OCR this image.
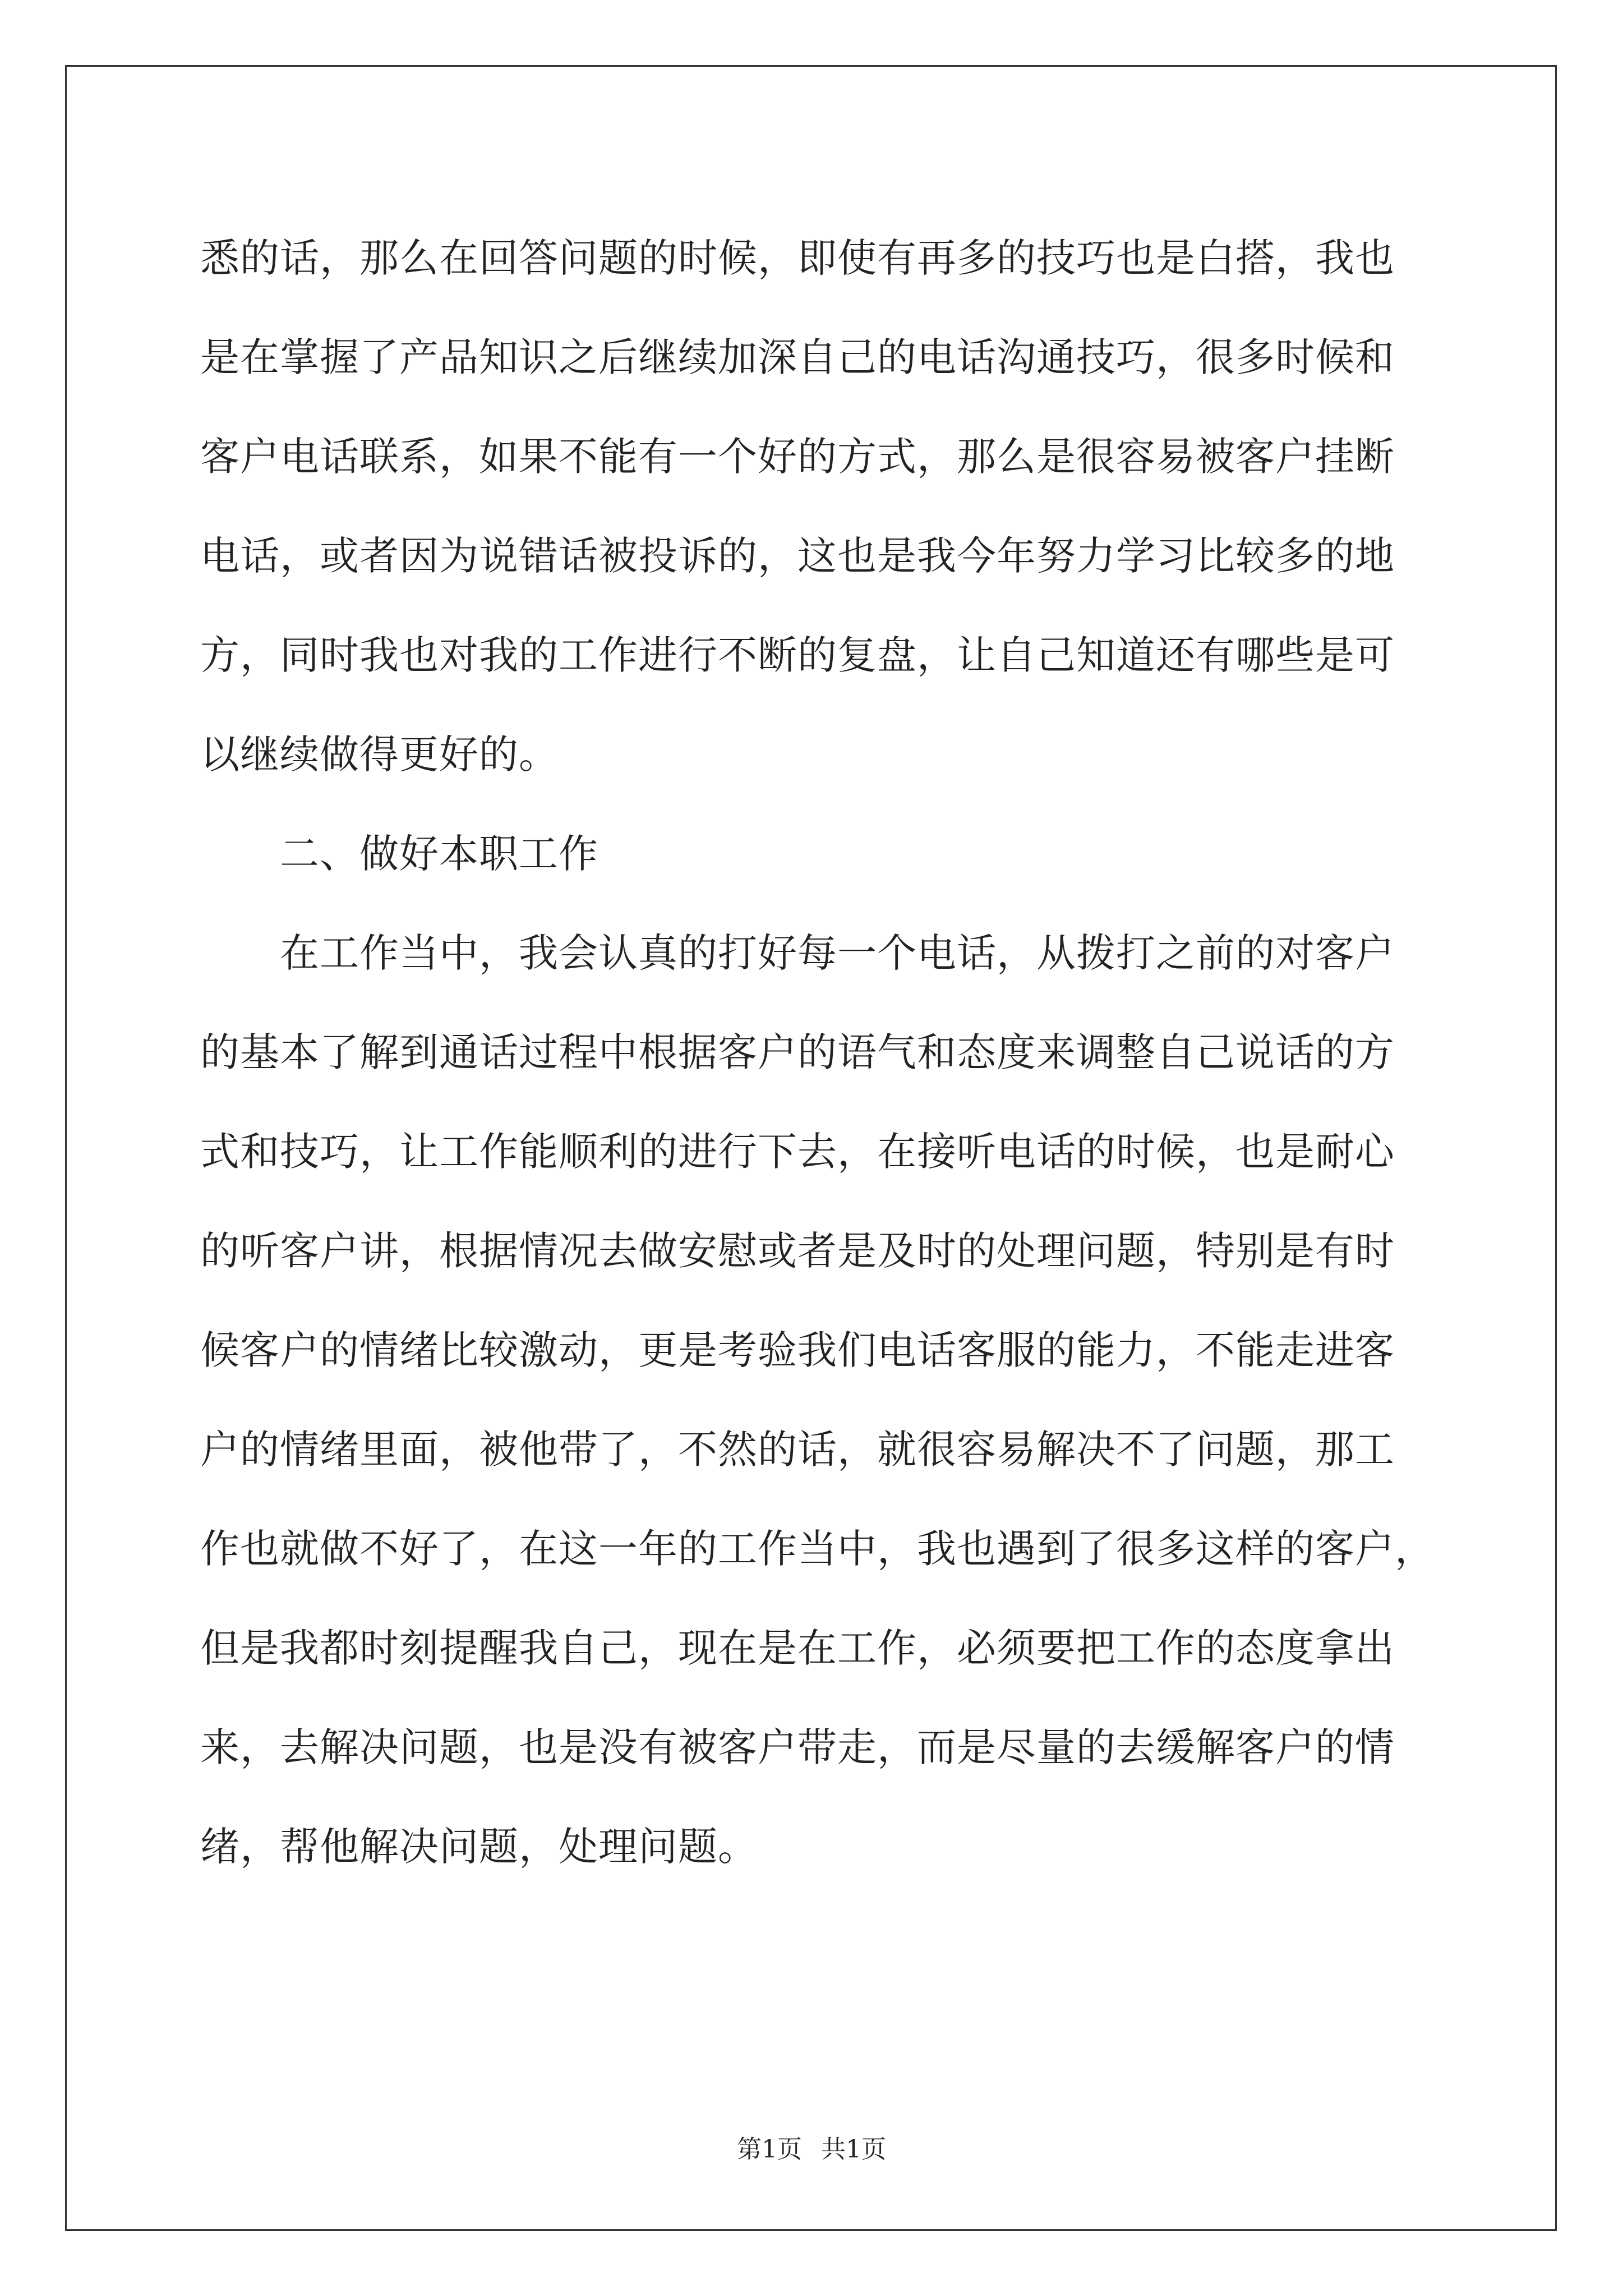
悉的话，那么在回答问题的时候，即使有再多的技巧也是白搭，我也
是在掌握了产品知识之后继续加深自己的电话沟通技巧，很多时候和
客户电话联系，如果不能有一个好的方式，那么是很容易被客户挂断
电话，或者因为说错话被投诉的，这也是我今年努力学习比较多的地
方，同时我也对我的工作进行不断的复盘，让自己知道还有哪些是可
以继续做得更好的。
二、做好本职工作
在工作当中，我会认真的打好每一个电话，从拨打之前的对客户
的基本了解到通话过程中根据客户的语气和态度来调整自己说话的方
式和技巧，让工作能顺利的进行下去，在接听电话的时候，也是耐心
的听客户讲，根据情况去做安慰或者是及时的处理问题，特别是有时
候客户的情绪比较激动，更是考验我们电话客服的能力，不能走进客
户的情绪里面，被他带了，不然的话，就很容易解决不了问题，那工
作也就做不好了，在这一年的工作当中，我也遇到了很多这样的客户，
但是我都时刻提醒我自己，现在是在工作，必须要把工作的态度拿出
来，去解决问题，也是没有被客户带走，而是尽量的去缓解客户的情
绪，帮他解决问题，处理问题。
第1页 共1页
